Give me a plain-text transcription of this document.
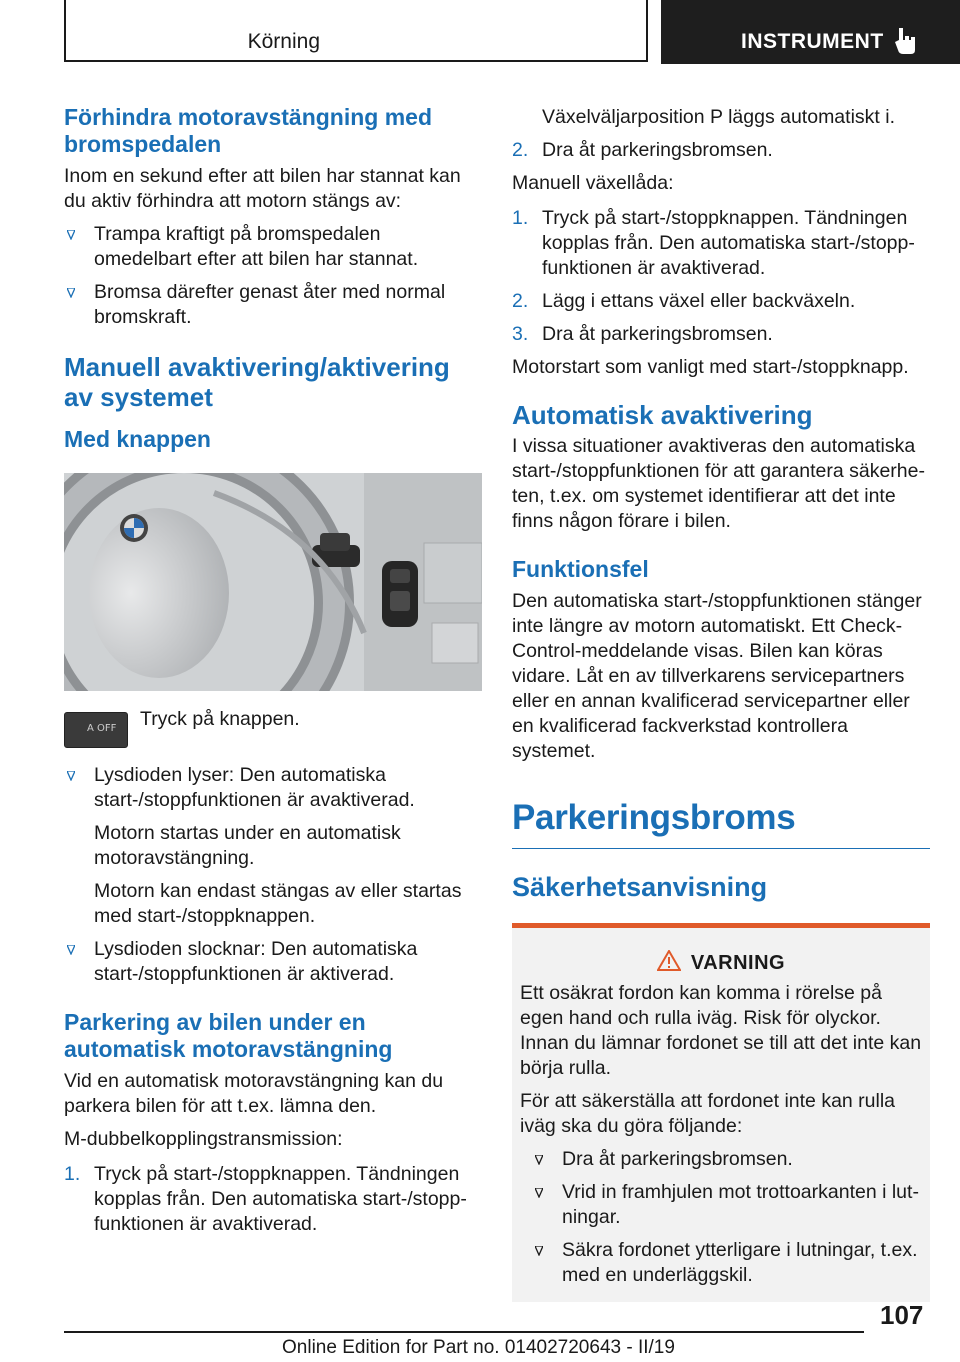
Körning	INSTRUMENT
Förhindra motoravstängning med bromspedalen

Inom en sekund efter att bilen har stannat kan du aktiv förhindra att motorn stängs av:

Trampa kraftigt på bromspedalen omedelbart efter att bilen har stannat.
Bromsa därefter genast åter med normal bromskraft.
Manuell avaktivering/aktivering av systemet
Med knappen
A OFF Tryck på knappen.
Lysdioden lyser: Den automatiska start-/stoppfunktionen är avaktiverad.
Motorn startas under en automatisk motoravstängning.
Motorn kan endast stängas av eller startas med start-/stoppknappen.
Lysdioden slocknar: Den automatiska start-/stoppfunktionen är aktiverad.
Parkering av bilen under en automatisk motoravstängning

Vid en automatisk motoravstängning kan du parkera bilen för att t.ex. lämna den.

M-dubbelkopplingstransmission:

1. Tryck på start-/stoppknappen. Tändningen kopplas från. Den automatiska start-/stoppfunktionen är avaktiverad.
Växelväljarposition P läggs automatiskt i.
2. Dra åt parkeringsbromsen.

Manuell växellåda:

1. Tryck på start-/stoppknappen. Tändningen kopplas från. Den automatiska start-/stoppfunktionen är avaktiverad.
2. Lägg i ettans växel eller backväxeln.
3. Dra åt parkeringsbromsen.

Motorstart som vanligt med start-/stoppknapp.

Automatisk avaktivering

I vissa situationer avaktiveras den automatiska start-/stoppfunktionen för att garantera säkerheten, t.ex. om systemet identifierar att det inte finns någon förare i bilen.

Funktionsfel

Den automatiska start-/stoppfunktionen stänger inte längre av motorn automatiskt. Ett Check-Control-meddelande visas. Bilen kan köras vidare. Låt en av tillverkarens servicepartners eller en annan kvalificerad servicepartner eller en kvalificerad fackverkstad kontrollera systemet.

Parkeringsbroms
Säkerhetsanvisning
VARNING

Ett osäkrat fordon kan komma i rörelse på egen hand och rulla iväg. Risk för olyckor. Innan du lämnar fordonet se till att det inte kan börja rulla.

För att säkerställa att fordonet inte kan rulla iväg ska du göra följande:

Dra åt parkeringsbromsen.
Vrid in framhjulen mot trottoarkanten i lutningar.
Säkra fordonet ytterligare i lutningar, t.ex. med en underläggskil.
107
Online Edition for Part no. 01402720643 - II/19
